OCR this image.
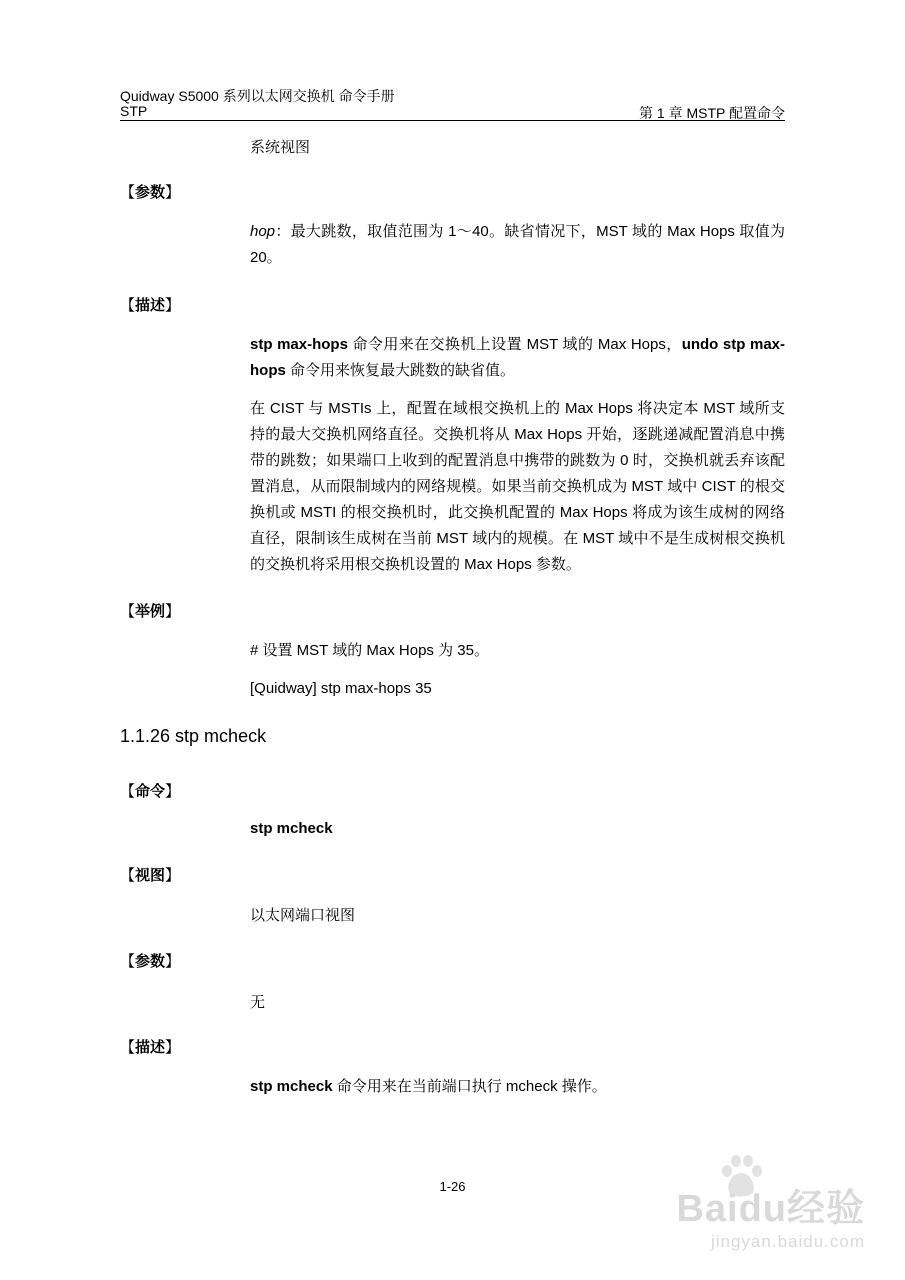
Quidway S5000 系列以太网交换机 命令手册
STP	第 1 章 MSTP 配置命令
系统视图
【参数】
hop：最大跳数，取值范围为 1～40。缺省情况下，MST 域的 Max Hops 取值为 20。
【描述】
stp max-hops 命令用来在交换机上设置 MST 域的 Max Hops，undo stp max-hops 命令用来恢复最大跳数的缺省值。
在 CIST 与 MSTIs 上，配置在域根交换机上的 Max Hops 将决定本 MST 域所支持的最大交换机网络直径。交换机将从 Max Hops 开始，逐跳递减配置消息中携带的跳数；如果端口上收到的配置消息中携带的跳数为 0 时，交换机就丢弃该配置消息，从而限制域内的网络规模。如果当前交换机成为 MST 域中 CIST 的根交换机或 MSTI 的根交换机时，此交换机配置的 Max Hops 将成为该生成树的网络直径，限制该生成树在当前 MST 域内的规模。在 MST 域中不是生成树根交换机的交换机将采用根交换机设置的 Max Hops 参数。
【举例】
# 设置 MST 域的 Max Hops 为 35。
[Quidway] stp max-hops 35
1.1.26 stp mcheck
【命令】
stp mcheck
【视图】
以太网端口视图
【参数】
无
【描述】
stp mcheck 命令用来在当前端口执行 mcheck 操作。
1-26
Baidu经验
jingyan.baidu.com
